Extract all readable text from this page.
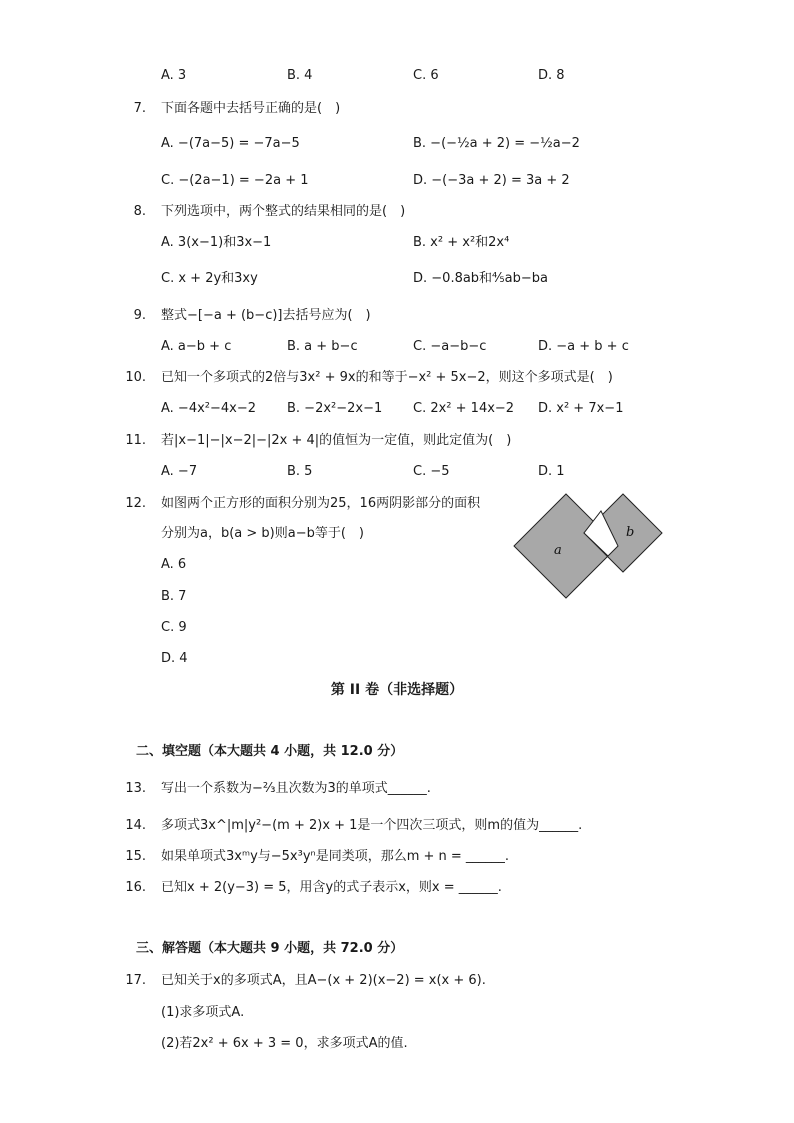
A. 3	B. 4	C. 6	D. 8
7. 下面各题中去括号正确的是(　)
A. −(7a−5) = −7a−5	B. −(−½a + 2) = −½a−2
C. −(2a−1) = −2a + 1	D. −(−3a + 2) = 3a + 2
8. 下列选项中，两个整式的结果相同的是(　)
A. 3(x−1)和3x−1	B. x² + x²和2x⁴
C. x + 2y和3xy	D. −0.8ab和⅘ab−ba
9. 整式−[−a + (b−c)]去括号应为(　)
A. a−b + c	B. a + b−c	C. −a−b−c	D. −a + b + c
10. 已知一个多项式的2倍与3x² + 9x的和等于−x² + 5x−2，则这个多项式是(　)
A. −4x²−4x−2 B. −2x²−2x−1 C. 2x² + 14x−2 D. x² + 7x−1
11. 若|x−1|−|x−2|−|2x + 4|的值恒为一定值，则此定值为(　)
A. −7	B. 5	C. −5	D. 1
12. 如图两个正方形的面积分别为25，16两阴影部分的面积
分别为a，b(a > b)则a−b等于(　)
A. 6
B. 7
C. 9
D. 4
a
b
第 II 卷（非选择题）
二、填空题（本大题共 4 小题，共 12.0 分）
13. 写出一个系数为−⅔且次数为3的单项式______.
14. 多项式3x^|m|y²−(m + 2)x + 1是一个四次三项式，则m的值为______.
15. 如果单项式3xᵐy与−5x³yⁿ是同类项，那么m + n = ______.
16. 已知x + 2(y−3) = 5，用含y的式子表示x，则x = ______.
三、解答题（本大题共 9 小题，共 72.0 分）
17. 已知关于x的多项式A，且A−(x + 2)(x−2) = x(x + 6).
(1)求多项式A.
(2)若2x² + 6x + 3 = 0，求多项式A的值.
